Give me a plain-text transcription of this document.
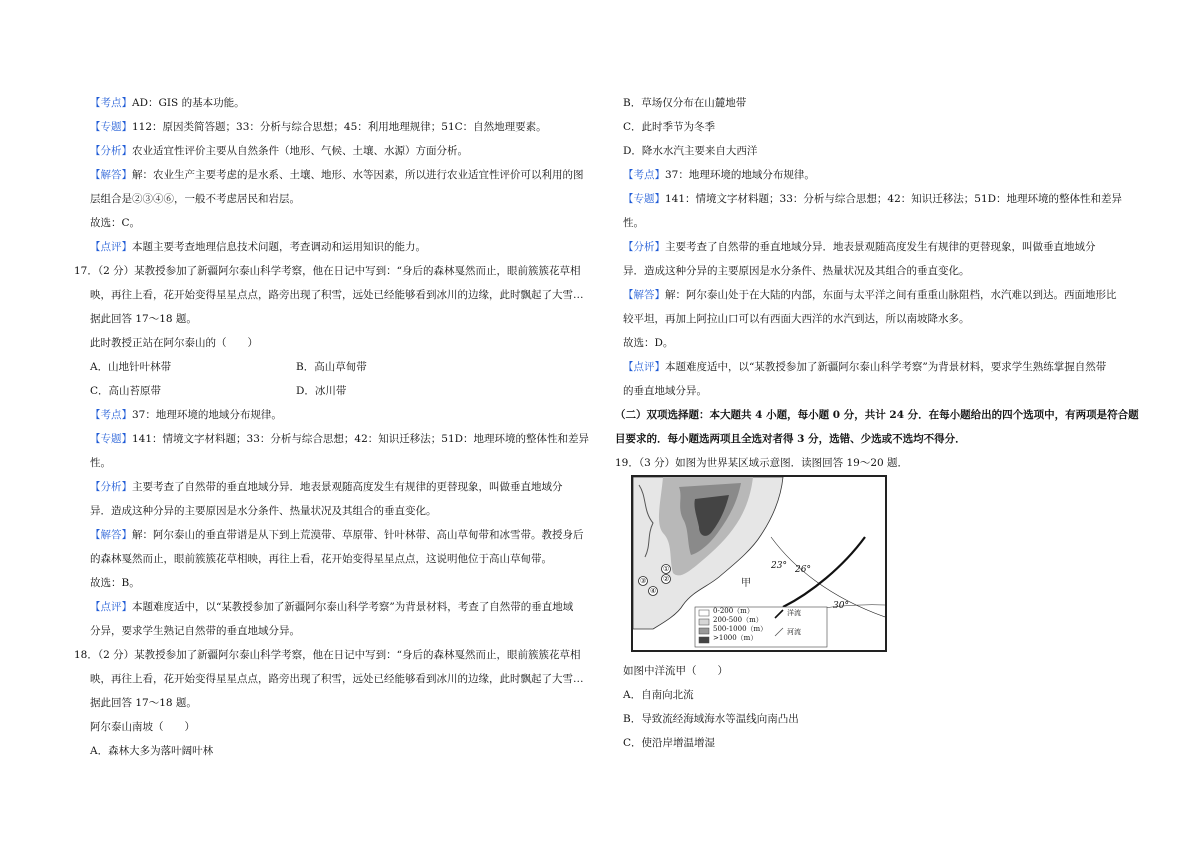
【考点】AD：GIS 的基本功能。
【专题】112：原因类简答题；33：分析与综合思想；45：利用地理规律；51C：自然地理要素。
【分析】农业适宜性评价主要从自然条件（地形、气候、土壤、水源）方面分析。
【解答】解：农业生产主要考虑的是水系、土壤、地形、水等因素，所以进行农业适宜性评价可以利用的图
层组合是②③④⑥，一般不考虑居民和岩层。
故选：C。
【点评】本题主要考查地理信息技术问题，考查调动和运用知识的能力。
17．（2 分）某教授参加了新疆阿尔泰山科学考察，他在日记中写到：“身后的森林戛然而止，眼前簇簇花草相
映，再往上看，花开始变得星星点点，路旁出现了积雪，远处已经能够看到冰川的边缘，此时飘起了大雪…
据此回答 17～18 题。
此时教授正站在阿尔泰山的（　　）
A．山地针叶林带	B．高山草甸带
C．高山苔原带	D．冰川带
【考点】37：地理环境的地域分布规律。
【专题】141：情境文字材料题；33：分析与综合思想；42：知识迁移法；51D：地理环境的整体性和差异
性。
【分析】主要考查了自然带的垂直地域分异．地表景观随高度发生有规律的更替现象，叫做垂直地域分
异．造成这种分异的主要原因是水分条件、热量状况及其组合的垂直变化。
【解答】解：阿尔泰山的垂直带谱是从下到上荒漠带、草原带、针叶林带、高山草甸带和冰雪带。教授身后
的森林戛然而止，眼前簇簇花草相映，再往上看，花开始变得星星点点，这说明他位于高山草甸带。
故选：B。
【点评】本题难度适中，以“某教授参加了新疆阿尔泰山科学考察”为背景材料，考查了自然带的垂直地域
分异，要求学生熟记自然带的垂直地域分异。
18．（2 分）某教授参加了新疆阿尔泰山科学考察，他在日记中写到：“身后的森林戛然而止，眼前簇簇花草相
映，再往上看，花开始变得星星点点，路旁出现了积雪，远处已经能够看到冰川的边缘，此时飘起了大雪…
据此回答 17～18 题。
阿尔泰山南坡（　　）
A．森林大多为落叶阔叶林
B．草场仅分布在山麓地带
C．此时季节为冬季
D．降水水汽主要来自大西洋
【考点】37：地理环境的地域分布规律。
【专题】141：情境文字材料题；33：分析与综合思想；42：知识迁移法；51D：地理环境的整体性和差异
性。
【分析】主要考查了自然带的垂直地域分异．地表景观随高度发生有规律的更替现象，叫做垂直地域分
异．造成这种分异的主要原因是水分条件、热量状况及其组合的垂直变化。
【解答】解：阿尔泰山处于在大陆的内部，东面与太平洋之间有重重山脉阻档，水汽难以到达。西面地形比
较平坦，再加上阿拉山口可以有西面大西洋的水汽到达，所以南坡降水多。
故选：D。
【点评】本题难度适中，以“某教授参加了新疆阿尔泰山科学考察”为背景材料，要求学生熟练掌握自然带
的垂直地域分异。
（二）双项选择题：本大题共 4 小题，每小题 0 分，共计 24 分．在每小题给出的四个选项中，有两项是符合题
目要求的．每小题选两项且全选对者得 3 分，选错、少选或不选均不得分．
19．（3 分）如图为世界某区域示意图．读图回答 19～20 题．
①
②
③
④
23° 26°
30°
甲
0-200（m）
200-500（m）
500-1000（m）
>1000（m）
洋流
河流
如图中洋流甲（　　）
A．自南向北流
B．导致流经海域海水等温线向南凸出
C．使沿岸增温增湿
